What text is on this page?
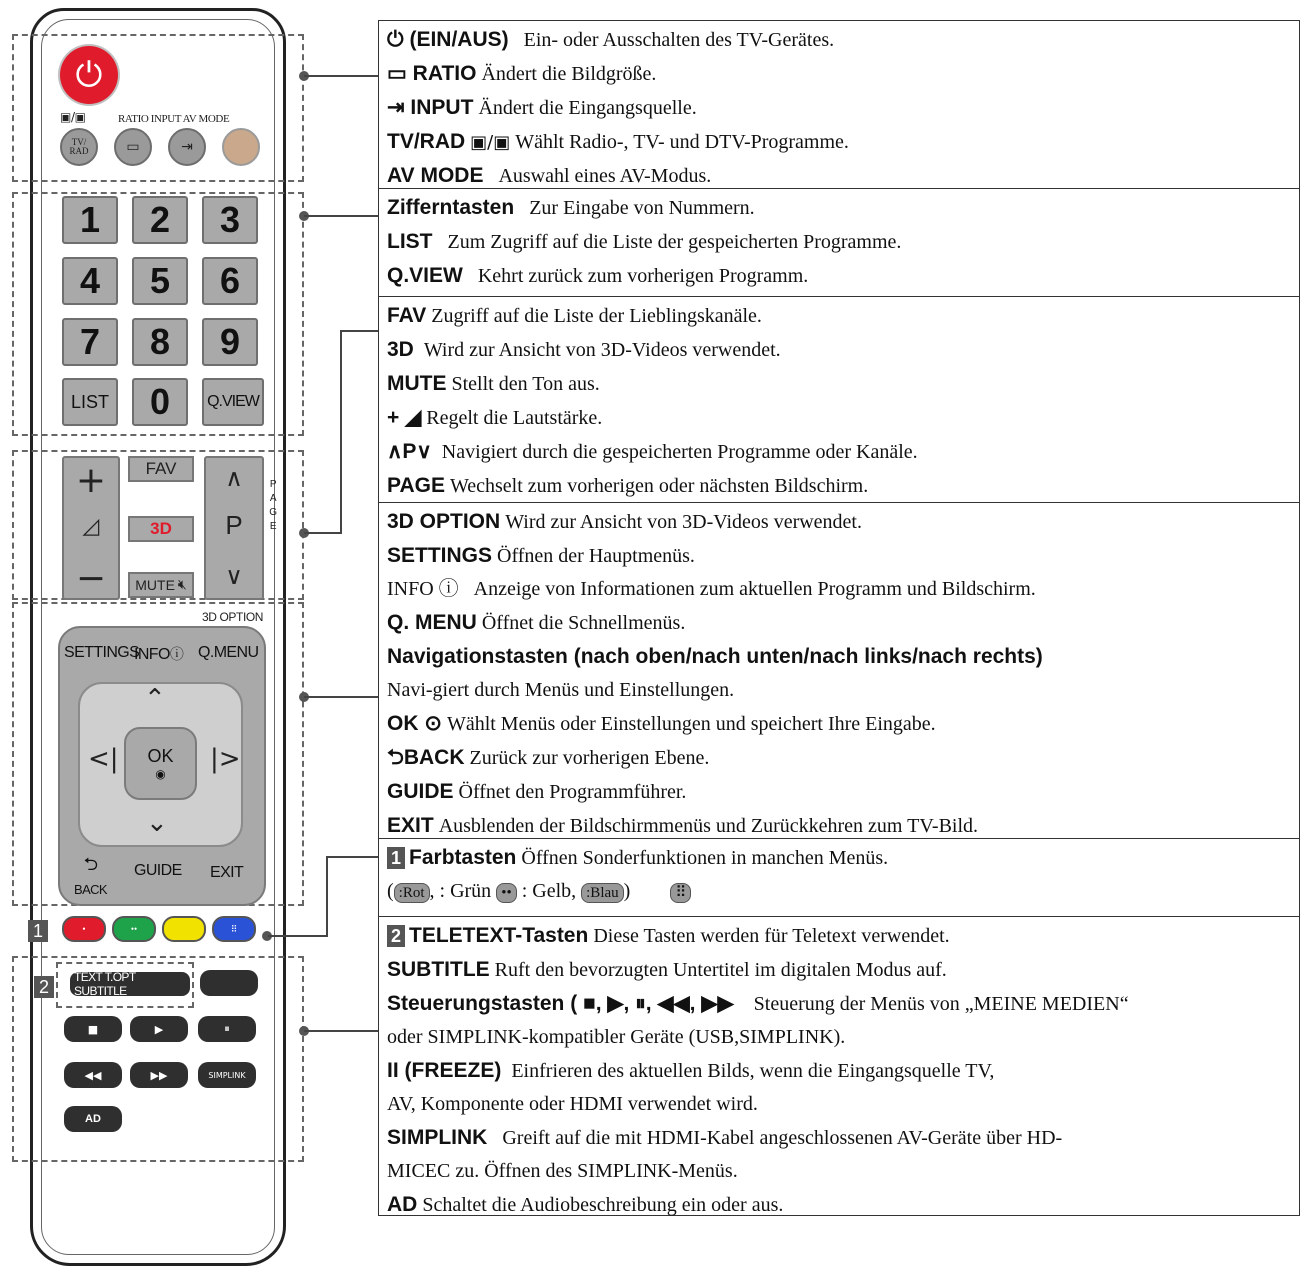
⏻
▣/▣	RATIO INPUT AV MODE
TV/ RAD	▭	⇥
1	2	3
4	5	6
7	8	9
LIST	0	Q.VIEW
+
◿
−
FAV
3D
MUTE 🔇︎
∧
P
∨
PAGE
3D OPTION
SETTINGS
INFOⓘ Q.MENU
⌃
<|	|>
⌄
OK
◉
⮌
BACK
GUIDE EXIT
1	•	••	⠿
2	TEXT T.OPT SUBTITLE
■	▶	⏸
◀◀	▶▶	SIMPLINK
AD
⏻ (EIN/AUS) Ein- oder Ausschalten des TV-Gerätes.
▭ RATIO Ändert die Bildgröße.
⇥ INPUT Ändert die Eingangsquelle.
TV/RAD ▣/▣ Wählt Radio-, TV- und DTV-Programme.
AV MODE Auswahl eines AV-Modus.
Zifferntasten Zur Eingabe von Nummern.
LIST Zum Zugriff auf die Liste der gespeicherten Programme.
Q.VIEW Kehrt zurück zum vorherigen Programm.
FAV Zugriff auf die Liste der Lieblingskanäle.
3D Wird zur Ansicht von 3D-Videos verwendet.
MUTE Stellt den Ton aus.
+ ◢ Regelt die Lautstärke.
∧P∨ Navigiert durch die gespeicherten Programme oder Kanäle.
PAGE Wechselt zum vorherigen oder nächsten Bildschirm.
3D OPTION Wird zur Ansicht von 3D-Videos verwendet.
SETTINGS Öffnen der Hauptmenüs.
INFO ⓘ Anzeige von Informationen zum aktuellen Programm und Bildschirm.
Q. MENU Öffnet die Schnellmenüs.
Navigationstasten (nach oben/nach unten/nach links/nach rechts)
Navi-giert durch Menüs und Einstellungen.
OK ⊙ Wählt Menüs oder Einstellungen und speichert Ihre Eingabe.
⮌BACK Zurück zur vorherigen Ebene.
GUIDE Öffnet den Programmführer.
EXIT Ausblenden der Bildschirmmenüs und Zurückkehren zum TV-Bild.
1 Farbtasten Öffnen Sonderfunktionen in manchen Menüs.
( :Rot , : Grün •• : Gelb, :Blau )	⠿
2 TELETEXT-Tasten Diese Tasten werden für Teletext verwendet.
SUBTITLE Ruft den bevorzugten Untertitel im digitalen Modus auf.
Steuerungstasten ( ■, ▶, ⏸, ◀◀, ▶▶ Steuerung der Menüs von „MEINE MEDIEN“
oder SIMPLINK-kompatibler Geräte (USB,SIMPLINK).
II (FREEZE) Einfrieren des aktuellen Bilds, wenn die Eingangsquelle TV,
AV, Komponente oder HDMI verwendet wird.
SIMPLINK Greift auf die mit HDMI-Kabel angeschlossenen AV-Geräte über HD-
MICEC zu. Öffnen des SIMPLINK-Menüs.
AD Schaltet die Audiobeschreibung ein oder aus.
